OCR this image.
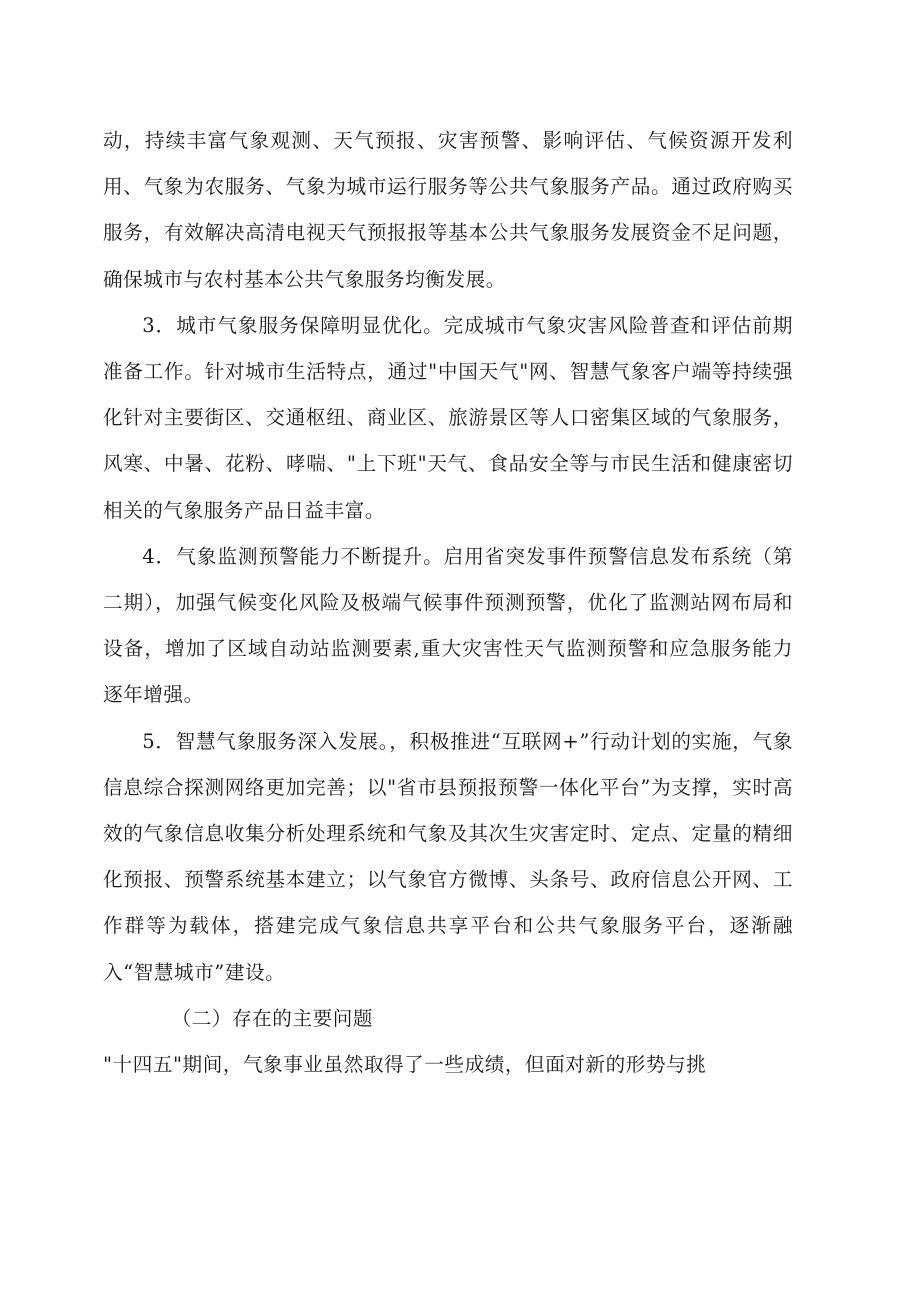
动，持续丰富气象观测、天气预报、灾害预警、影响评估、气候资源开发利用、气象为农服务、气象为城市运行服务等公共气象服务产品。通过政府购买服务，有效解决高清电视天气预报报等基本公共气象服务发展资金不足问题，确保城市与农村基本公共气象服务均衡发展。

3．城市气象服务保障明显优化。完成城市气象灾害风险普查和评估前期准备工作。针对城市生活特点，通过"中国天气"网、智慧气象客户端等持续强化针对主要街区、交通枢纽、商业区、旅游景区等人口密集区域的气象服务，风寒、中暑、花粉、哮喘、"上下班"天气、食品安全等与市民生活和健康密切相关的气象服务产品日益丰富。

4．气象监测预警能力不断提升。启用省突发事件预警信息发布系统（第二期），加强气候变化风险及极端气候事件预测预警，优化了监测站网布局和设备，增加了区域自动站监测要素,重大灾害性天气监测预警和应急服务能力逐年增强。

5．智慧气象服务深入发展。，积极推进“互联网+”行动计划的实施，气象信息综合探测网络更加完善；以"省市县预报预警一体化平台”为支撑，实时高效的气象信息收集分析处理系统和气象及其次生灾害定时、定点、定量的精细化预报、预警系统基本建立；以气象官方微博、头条号、政府信息公开网、工作群等为载体，搭建完成气象信息共享平台和公共气象服务平台，逐渐融入“智慧城市”建设。

（二）存在的主要问题

"十四五"期间，气象事业虽然取得了一些成绩，但面对新的形势与挑
